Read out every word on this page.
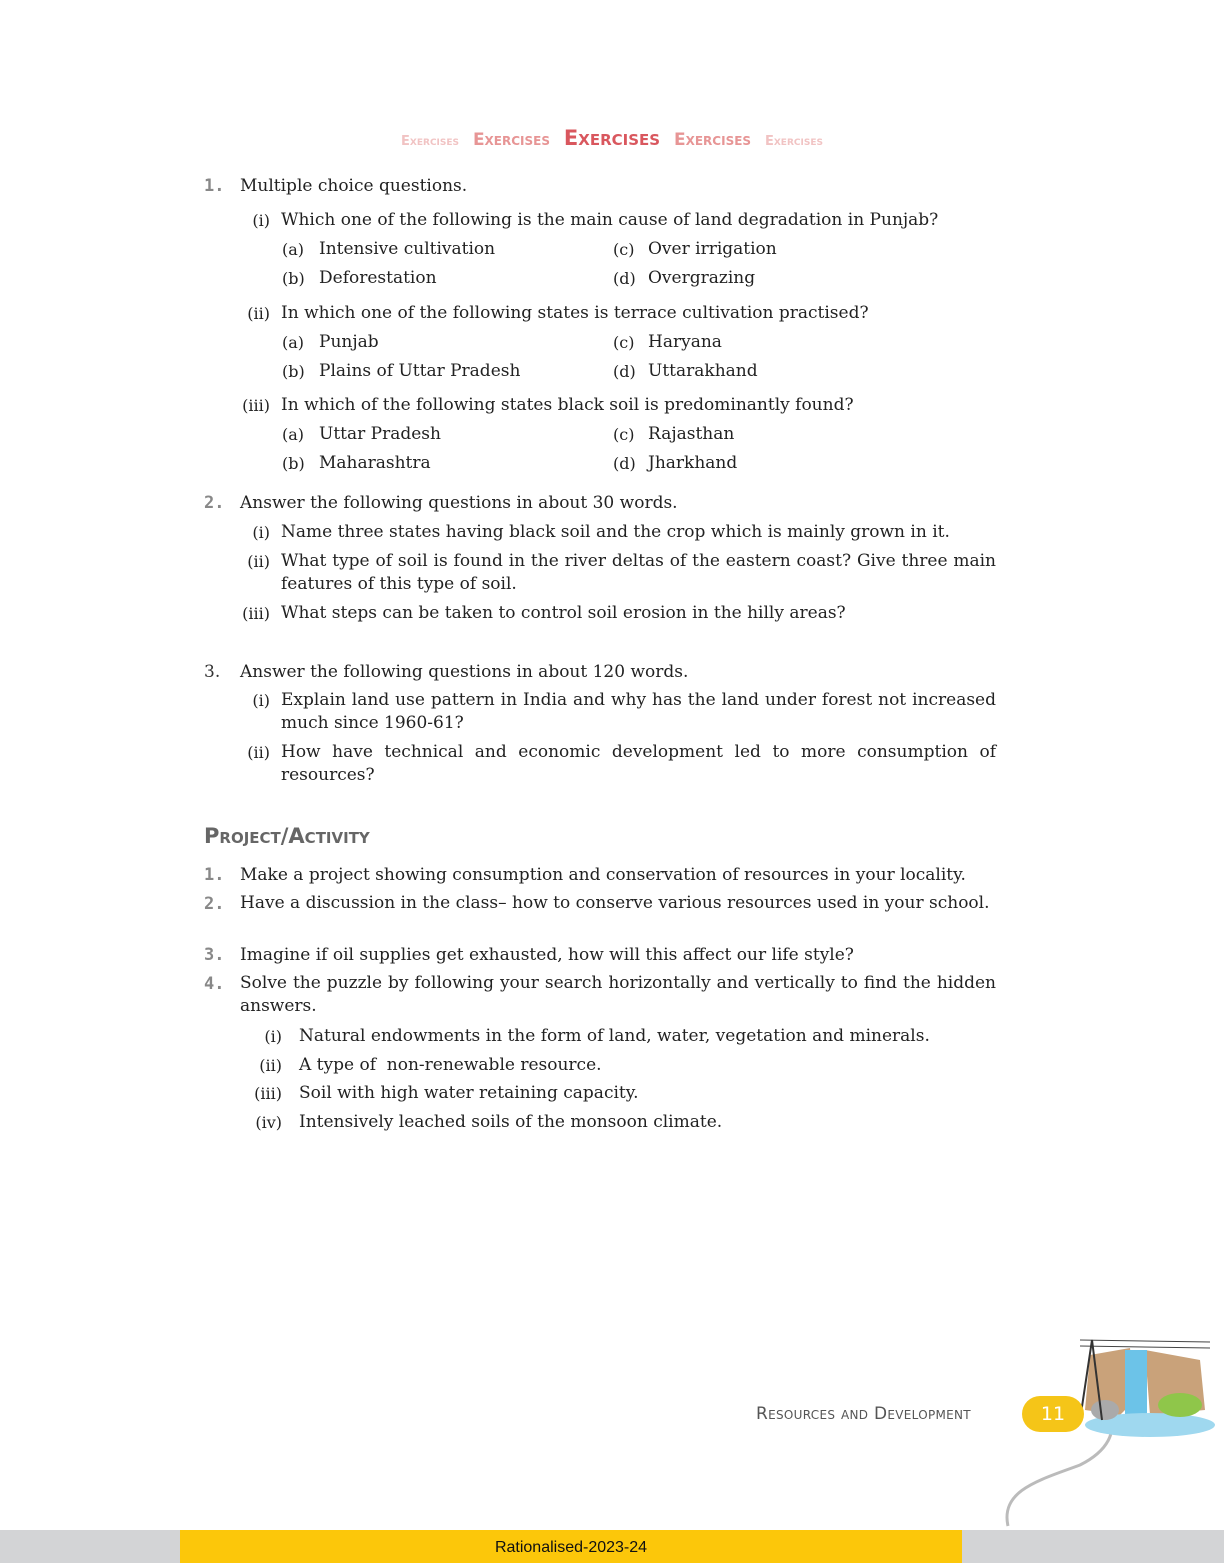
Exercises Exercises Exercises Exercises Exercises
1. Multiple choice questions.
(i) Which one of the following is the main cause of land degradation in Punjab?
(a) Intensive cultivation
(b) Deforestation
(c) Over irrigation
(d) Overgrazing
(ii) In which one of the following states is terrace cultivation practised?
(a) Punjab
(b) Plains of Uttar Pradesh
(c) Haryana
(d) Uttarakhand
(iii) In which of the following states black soil is predominantly found?
(a) Uttar Pradesh
(b) Maharashtra
(c) Rajasthan
(d) Jharkhand
2. Answer the following questions in about 30 words.
(i) Name three states having black soil and the crop which is mainly grown in it.
(ii) What type of soil is found in the river deltas of the eastern coast? Give three main features of this type of soil.
(iii) What steps can be taken to control soil erosion in the hilly areas?
3. Answer the following questions in about 120 words.
(i) Explain land use pattern in India and why has the land under forest not increased much since 1960-61?
(ii) How have technical and economic development led to more consumption of resources?
Project/Activity
1. Make a project showing consumption and conservation of resources in your locality.
2. Have a discussion in the class– how to conserve various resources used in your school.
3. Imagine if oil supplies get exhausted, how will this affect our life style?
4. Solve the puzzle by following your search horizontally and vertically to find the hidden answers.
(i) Natural endowments in the form of land, water, vegetation and minerals.
(ii) A type of  non-renewable resource.
(iii) Soil with high water retaining capacity.
(iv) Intensively leached soils of the monsoon climate.
Resources and Development	11
Rationalised-2023-24
